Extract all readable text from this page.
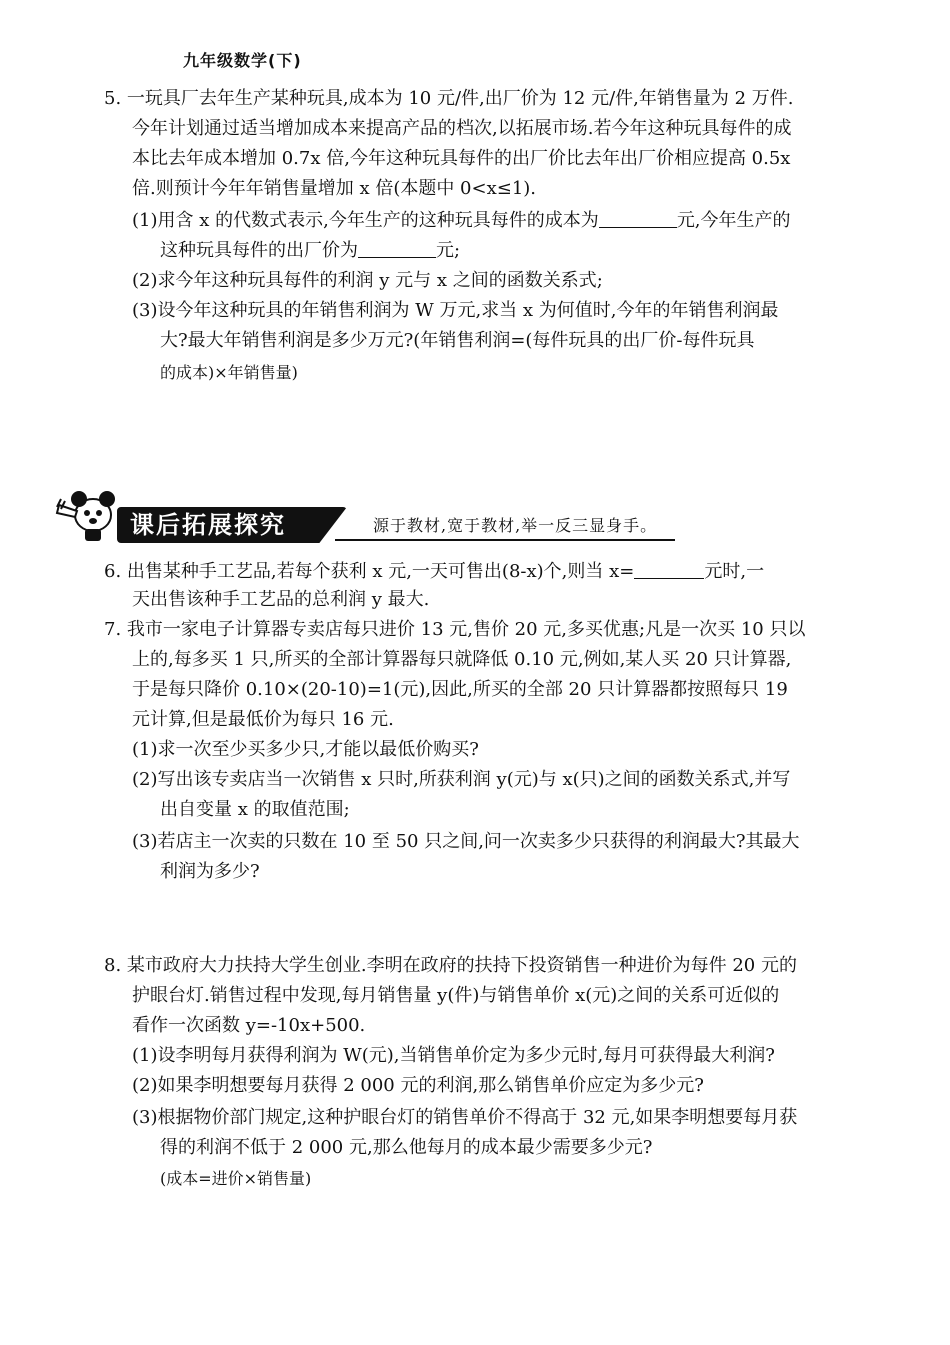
九年级数学(下)
5. 一玩具厂去年生产某种玩具,成本为 10 元/件,出厂价为 12 元/件,年销售量为 2 万件.
今年计划通过适当增加成本来提高产品的档次,以拓展市场.若今年这种玩具每件的成
本比去年成本增加 0.7x 倍,今年这种玩具每件的出厂价比去年出厂价相应提高 0.5x
倍.则预计今年年销售量增加 x 倍(本题中 0<x≤1).
(1)用含 x 的代数式表示,今年生产的这种玩具每件的成本为	元,今年生产的
这种玩具每件的出厂价为	元;
(2)求今年这种玩具每件的利润 y 元与 x 之间的函数关系式;
(3)设今年这种玩具的年销售利润为 W 万元,求当 x 为何值时,今年的年销售利润最
大?最大年销售利润是多少万元?(年销售利润=(每件玩具的出厂价-每件玩具
的成本)×年销售量)
课后拓展探究	源于教材,宽于教材,举一反三显身手。
6. 出售某种手工艺品,若每个获利 x 元,一天可售出(8-x)个,则当 x=	元时,一
天出售该种手工艺品的总利润 y 最大.
7. 我市一家电子计算器专卖店每只进价 13 元,售价 20 元,多买优惠;凡是一次买 10 只以
上的,每多买 1 只,所买的全部计算器每只就降低 0.10 元,例如,某人买 20 只计算器,
于是每只降价 0.10×(20-10)=1(元),因此,所买的全部 20 只计算器都按照每只 19
元计算,但是最低价为每只 16 元.
(1)求一次至少买多少只,才能以最低价购买?
(2)写出该专卖店当一次销售 x 只时,所获利润 y(元)与 x(只)之间的函数关系式,并写
出自变量 x 的取值范围;
(3)若店主一次卖的只数在 10 至 50 只之间,问一次卖多少只获得的利润最大?其最大
利润为多少?
8. 某市政府大力扶持大学生创业.李明在政府的扶持下投资销售一种进价为每件 20 元的
护眼台灯.销售过程中发现,每月销售量 y(件)与销售单价 x(元)之间的关系可近似的
看作一次函数 y=-10x+500.
(1)设李明每月获得利润为 W(元),当销售单价定为多少元时,每月可获得最大利润?
(2)如果李明想要每月获得 2 000 元的利润,那么销售单价应定为多少元?
(3)根据物价部门规定,这种护眼台灯的销售单价不得高于 32 元,如果李明想要每月获
得的利润不低于 2 000 元,那么他每月的成本最少需要多少元?
(成本=进价×销售量)
